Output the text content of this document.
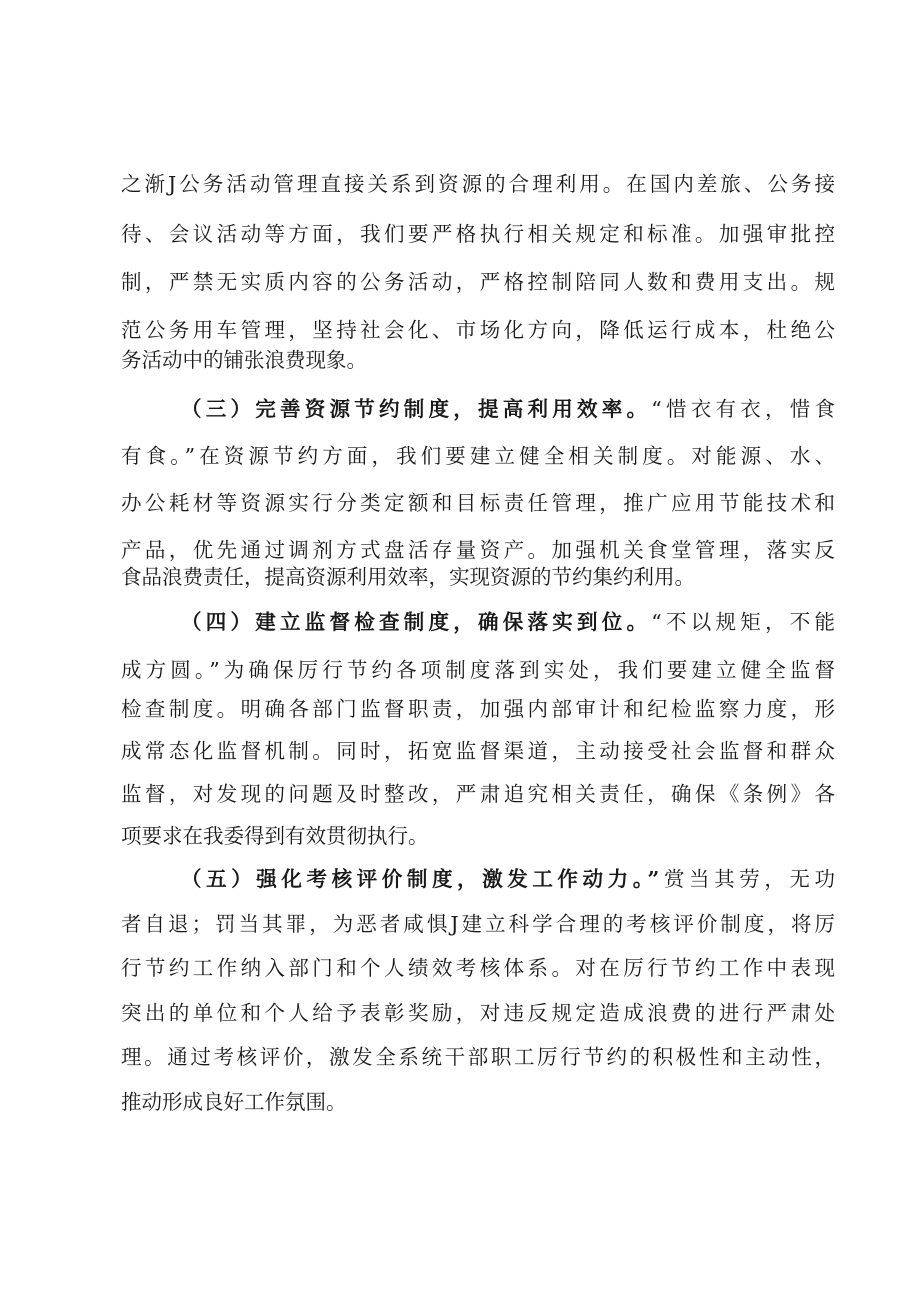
之渐J公务活动管理直接关系到资源的合理利用。在国内差旅、公务接
待、会议活动等方面，我们要严格执行相关规定和标准。加强审批控
制，严禁无实质内容的公务活动，严格控制陪同人数和费用支出。规
范公务用车管理，坚持社会化、市场化方向，降低运行成本，杜绝公
务活动中的铺张浪费现象。
（三）完善资源节约制度，提高利用效率。“惜衣有衣，惜食
有食。”在资源节约方面，我们要建立健全相关制度。对能源、水、
办公耗材等资源实行分类定额和目标责任管理，推广应用节能技术和
产品，优先通过调剂方式盘活存量资产。加强机关食堂管理，落实反
食品浪费责任，提高资源利用效率，实现资源的节约集约利用。
（四）建立监督检查制度，确保落实到位。“不以规矩，不能
成方圆。”为确保厉行节约各项制度落到实处，我们要建立健全监督
检查制度。明确各部门监督职责，加强内部审计和纪检监察力度，形
成常态化监督机制。同时，拓宽监督渠道，主动接受社会监督和群众
监督，对发现的问题及时整改，严肃追究相关责任，确保《条例》各
项要求在我委得到有效贯彻执行。
（五）强化考核评价制度，激发工作动力。”赏当其劳，无功
者自退；罚当其罪，为恶者咸惧J建立科学合理的考核评价制度，将厉
行节约工作纳入部门和个人绩效考核体系。对在厉行节约工作中表现
突出的单位和个人给予表彰奖励，对违反规定造成浪费的进行严肃处
理。通过考核评价，激发全系统干部职工厉行节约的积极性和主动性，
推动形成良好工作氛围。
